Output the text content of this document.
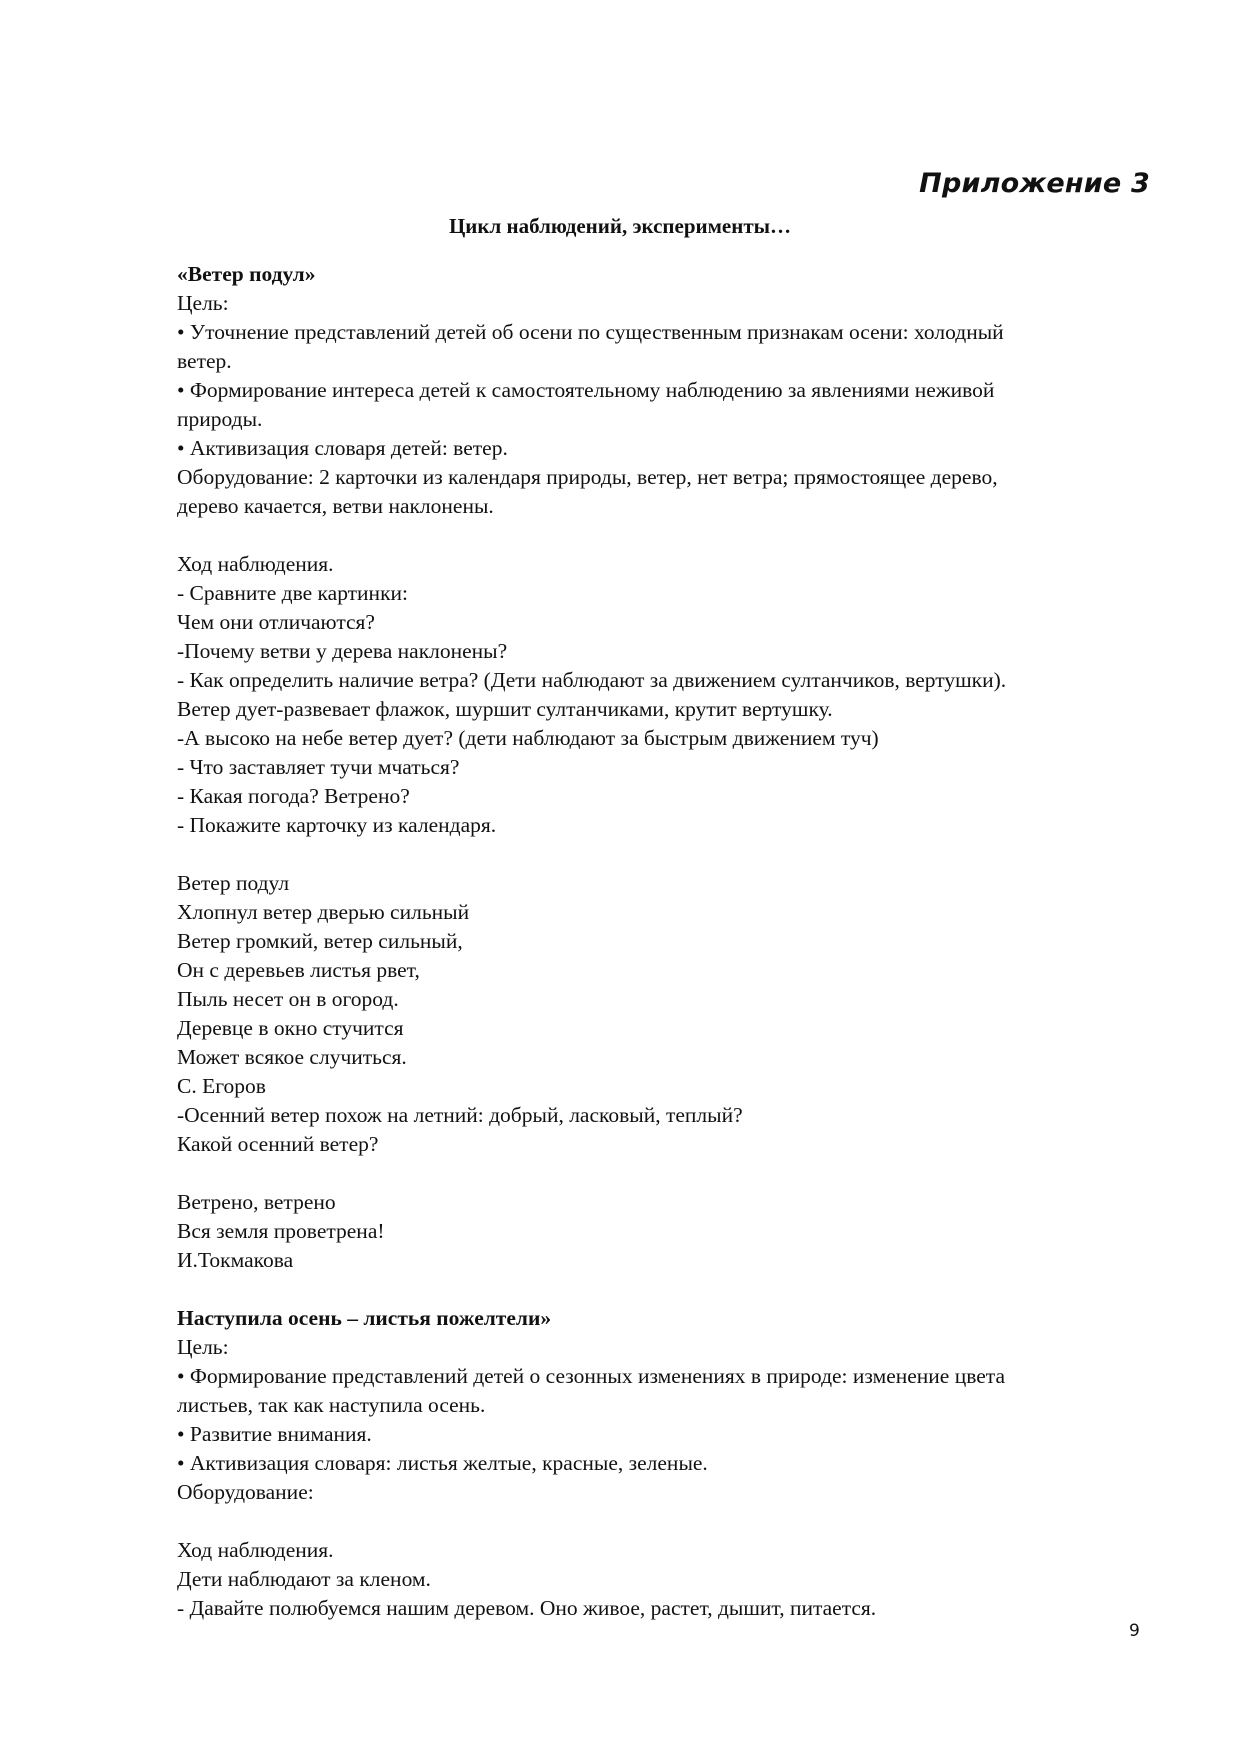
Приложение 3
Цикл наблюдений, эксперименты…
«Ветер подул»
Цель:
• Уточнение представлений детей об осени по существенным признакам осени: холодный
ветер.
• Формирование интереса детей к самостоятельному наблюдению за явлениями неживой
природы.
• Активизация словаря детей: ветер.
Оборудование: 2 карточки из календаря природы, ветер, нет ветра; прямостоящее дерево,
дерево качается, ветви наклонены.
Ход наблюдения.
- Сравните две картинки:
Чем они отличаются?
-Почему ветви у дерева наклонены?
- Как определить наличие ветра? (Дети наблюдают за движением султанчиков, вертушки).
Ветер дует-развевает флажок, шуршит султанчиками, крутит вертушку.
-А высоко на небе ветер дует? (дети наблюдают за быстрым движением туч)
- Что заставляет тучи мчаться?
- Какая погода? Ветрено?
- Покажите карточку из календаря.
Ветер подул
Хлопнул ветер дверью сильный
Ветер громкий, ветер сильный,
Он с деревьев листья рвет,
Пыль несет он в огород.
Деревце в окно стучится
Может всякое случиться.
С. Егоров
-Осенний ветер похож на летний: добрый, ласковый, теплый?
Какой осенний ветер?
Ветрено, ветрено
Вся земля проветрена!
И.Токмакова
Наступила осень – листья пожелтели»
Цель:
• Формирование представлений детей о сезонных изменениях в природе: изменение цвета
листьев, так как наступила осень.
• Развитие внимания.
• Активизация словаря: листья желтые, красные, зеленые.
Оборудование:
Ход наблюдения.
Дети наблюдают за кленом.
- Давайте полюбуемся нашим деревом. Оно живое, растет, дышит, питается.
9
